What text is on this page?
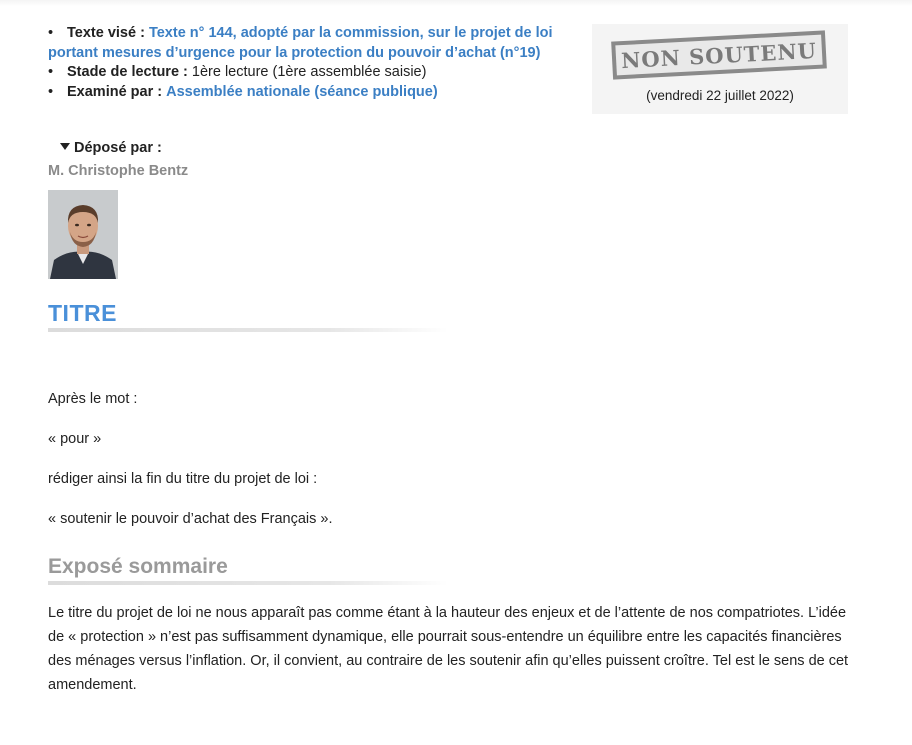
• Texte visé : Texte n° 144, adopté par la commission, sur le projet de loi portant mesures d’urgence pour la protection du pouvoir d’achat (n°19)
• Stade de lecture : 1ère lecture (1ère assemblée saisie)
• Examiné par : Assemblée nationale (séance publique)
NON SOUTENU
(vendredi 22 juillet 2022)
Déposé par :
M. Christophe Bentz
TITRE
Après le mot :
« pour »
rédiger ainsi la fin du titre du projet de loi :
« soutenir le pouvoir d’achat des Français ».
Exposé sommaire
Le titre du projet de loi ne nous apparaît pas comme étant à la hauteur des enjeux et de l’attente de nos compatriotes. L’idée de « protection » n’est pas suffisamment dynamique, elle pourrait sous-entendre un équilibre entre les capacités financières des ménages versus l’inflation. Or, il convient, au contraire de les soutenir afin qu’elles puissent croître. Tel est le sens de cet amendement.
